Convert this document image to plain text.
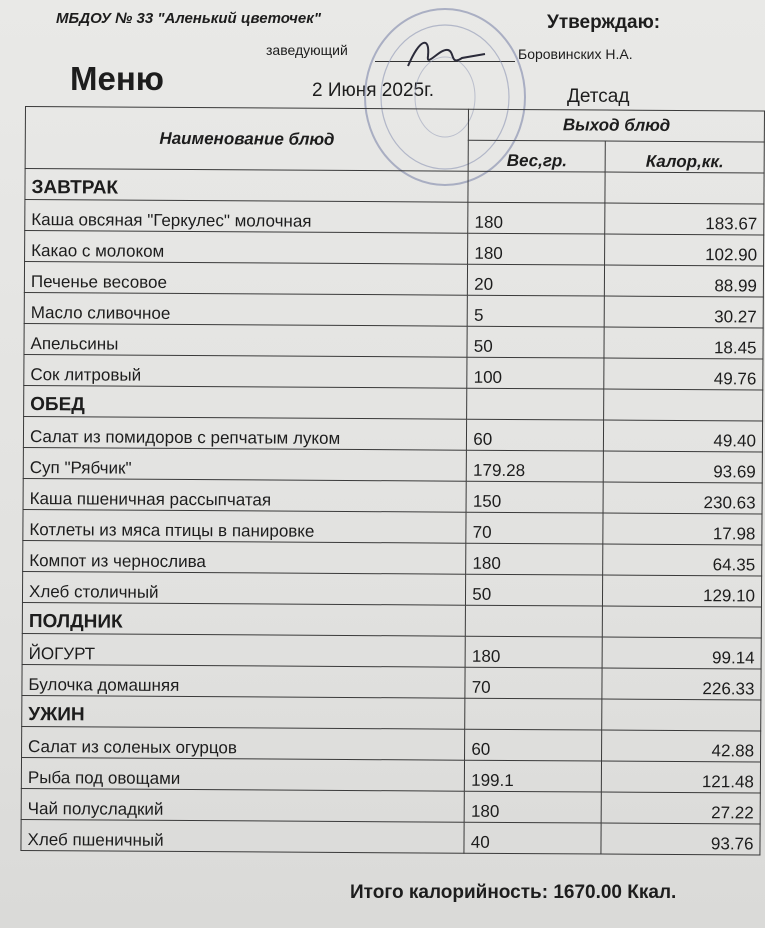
МБДОУ № 33 "Аленький цветочек"	Утверждаю:
заведующий	Боровинских Н.А.
Меню	2 Июня 2025г.	Детсад
Наименование блюд	Выход блюд	
	Вес,гр.	Калор,кк.
ЗАВТРАК		
Каша овсяная "Геркулес" молочная	180	183.67
Какао с молоком	180	102.90
Печенье весовое	20	88.99
Масло сливочное	5	30.27
Апельсины	50	18.45
Сок литровый	100	49.76
ОБЕД		
Салат из помидоров с репчатым луком	60	49.40
Суп "Рябчик"	179.28	93.69
Каша пшеничная рассыпчатая	150	230.63
Котлеты из мяса птицы в панировке	70	17.98
Компот из чернослива	180	64.35
Хлеб столичный	50	129.10
ПОЛДНИК		
ЙОГУРТ	180	99.14
Булочка домашняя	70	226.33
УЖИН		
Салат из соленых огурцов	60	42.88
Рыба под овощами	199.1	121.48
Чай полусладкий	180	27.22
Хлеб пшеничный	40	93.76
Итого калорийность: 1670.00 Ккал.
